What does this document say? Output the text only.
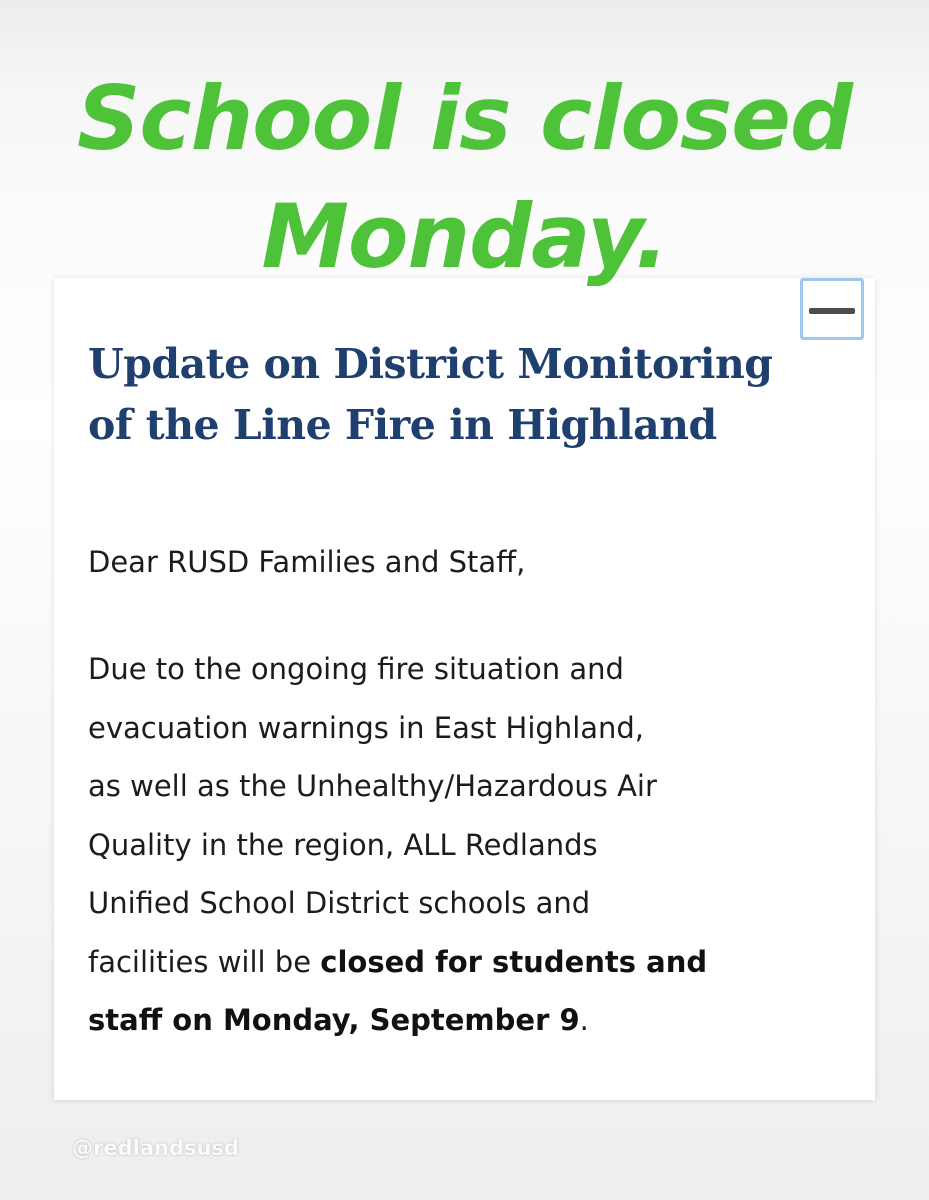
School is closed
Monday.
Update on District Monitoring of the Line Fire in Highland

Dear RUSD Families and Staff,

Due to the ongoing fire situation and
evacuation warnings in East Highland,
as well as the Unhealthy/Hazardous Air
Quality in the region, ALL Redlands
Unified School District schools and
facilities will be closed for students and
staff on Monday, September 9.

@redlandsusd
